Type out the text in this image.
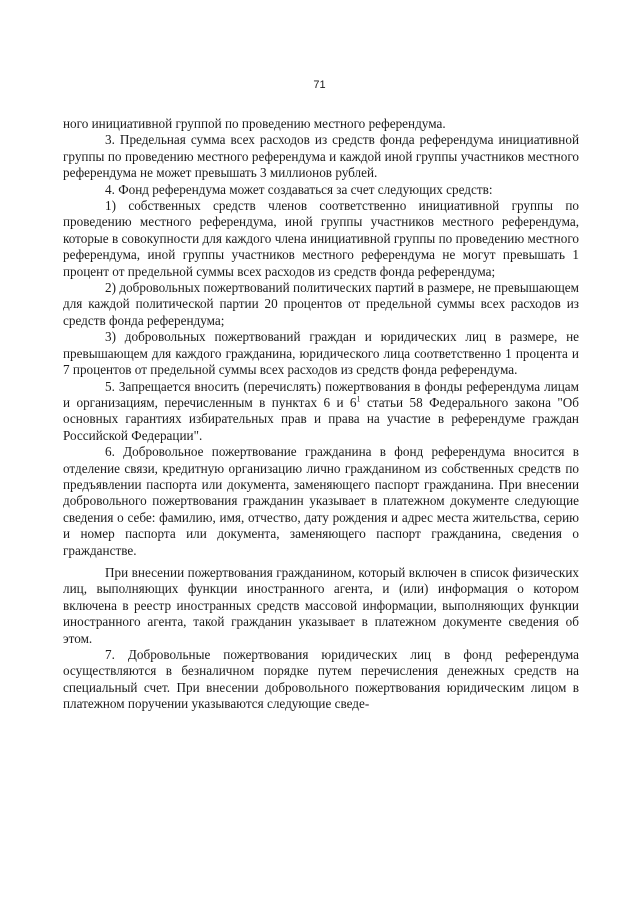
71

ного инициативной группой по проведению местного референдума.

3. Предельная сумма всех расходов из средств фонда референдума инициативной группы по проведению местного референдума и каждой иной группы участников местного референдума не может превышать 3 миллионов рублей.

4. Фонд референдума может создаваться за счет следующих средств:

1) собственных средств членов соответственно инициативной группы по проведению местного референдума, иной группы участников местного референдума, которые в совокупности для каждого члена инициативной группы по проведению местного референдума, иной группы участников местного референдума не могут превышать 1 процент от предельной суммы всех расходов из средств фонда референдума;

2) добровольных пожертвований политических партий в размере, не превышающем для каждой политической партии 20 процентов от предельной суммы всех расходов из средств фонда референдума;

3) добровольных пожертвований граждан и юридических лиц в размере, не превышающем для каждого гражданина, юридического лица соответственно 1 процента и 7 процентов от предельной суммы всех расходов из средств фонда референдума.

5. Запрещается вносить (перечислять) пожертвования в фонды референдума лицам и организациям, перечисленным в пунктах 6 и $6^1$ статьи 58 Федерального закона "Об основных гарантиях избирательных прав и права на участие в референдуме граждан Российской Федерации".

6. Добровольное пожертвование гражданина в фонд референдума вносится в отделение связи, кредитную организацию лично гражданином из собственных средств по предъявлении паспорта или документа, заменяющего паспорт гражданина. При внесении добровольного пожертвования гражданин указывает в платежном документе следующие сведения о себе: фамилию, имя, отчество, дату рождения и адрес места жительства, серию и номер паспорта или документа, заменяющего паспорт гражданина, сведения о гражданстве.

При внесении пожертвования гражданином, который включен в список физических лиц, выполняющих функции иностранного агента, и (или) информация о котором включена в реестр иностранных средств массовой информации, выполняющих функции иностранного агента, такой гражданин указывает в платежном документе сведения об этом.

7. Добровольные пожертвования юридических лиц в фонд референдума осуществляются в безналичном порядке путем перечисления денежных средств на специальный счет. При внесении добровольного пожертвования юридическим лицом в платежном поручении указываются следующие сведе-
